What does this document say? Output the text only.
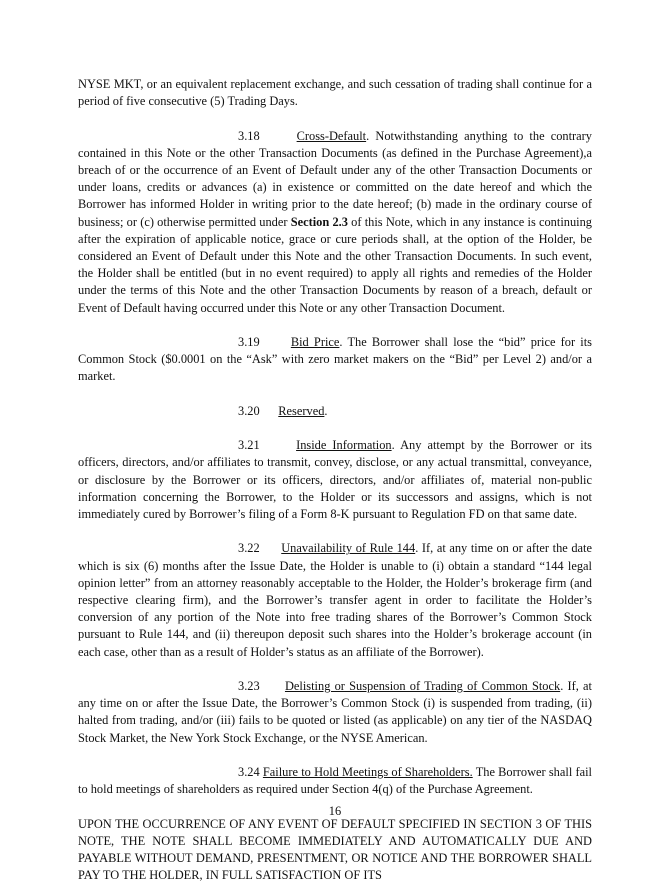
NYSE MKT, or an equivalent replacement exchange, and such cessation of trading shall continue for a period of five consecutive (5) Trading Days.

3.18	Cross-Default. Notwithstanding anything to the contrary contained in this Note or the other Transaction Documents (as defined in the Purchase Agreement),a breach of or the occurrence of an Event of Default under any of the other Transaction Documents or under loans, credits or advances (a) in existence or committed on the date hereof and which the Borrower has informed Holder in writing prior to the date hereof; (b) made in the ordinary course of business; or (c) otherwise permitted under Section 2.3 of this Note, which in any instance is continuing after the expiration of applicable notice, grace or cure periods shall, at the option of the Holder, be considered an Event of Default under this Note and the other Transaction Documents. In such event, the Holder shall be entitled (but in no event required) to apply all rights and remedies of the Holder under the terms of this Note and the other Transaction Documents by reason of a breach, default or Event of Default having occurred under this Note or any other Transaction Document.

3.19	Bid Price. The Borrower shall lose the “bid” price for its Common Stock ($0.0001 on the “Ask” with zero market makers on the “Bid” per Level 2) and/or a market.

3.20 Reserved.

3.21	Inside Information. Any attempt by the Borrower or its officers, directors, and/or affiliates to transmit, convey, disclose, or any actual transmittal, conveyance, or disclosure by the Borrower or its officers, directors, and/or affiliates of, material non-public information concerning the Borrower, to the Holder or its successors and assigns, which is not immediately cured by Borrower’s filing of a Form 8-K pursuant to Regulation FD on that same date.

3.22 Unavailability of Rule 144. If, at any time on or after the date which is six (6) months after the Issue Date, the Holder is unable to (i) obtain a standard “144 legal opinion letter” from an attorney reasonably acceptable to the Holder, the Holder’s brokerage firm (and respective clearing firm), and the Borrower’s transfer agent in order to facilitate the Holder’s conversion of any portion of the Note into free trading shares of the Borrower’s Common Stock pursuant to Rule 144, and (ii) thereupon deposit such shares into the Holder’s brokerage account (in each case, other than as a result of Holder’s status as an affiliate of the Borrower).

3.23 Delisting or Suspension of Trading of Common Stock. If, at any time on or after the Issue Date, the Borrower’s Common Stock (i) is suspended from trading, (ii) halted from trading, and/or (iii) fails to be quoted or listed (as applicable) on any tier of the NASDAQ Stock Market, the New York Stock Exchange, or the NYSE American.

3.24 Failure to Hold Meetings of Shareholders. The Borrower shall fail to hold meetings of shareholders as required under Section 4(q) of the Purchase Agreement.

UPON THE OCCURRENCE OF ANY EVENT OF DEFAULT SPECIFIED IN SECTION 3 OF THIS NOTE, THE NOTE SHALL BECOME IMMEDIATELY AND AUTOMATICALLY DUE AND PAYABLE WITHOUT DEMAND, PRESENTMENT, OR NOTICE AND THE BORROWER SHALL PAY TO THE HOLDER, IN FULL SATISFACTION OF ITS

16
